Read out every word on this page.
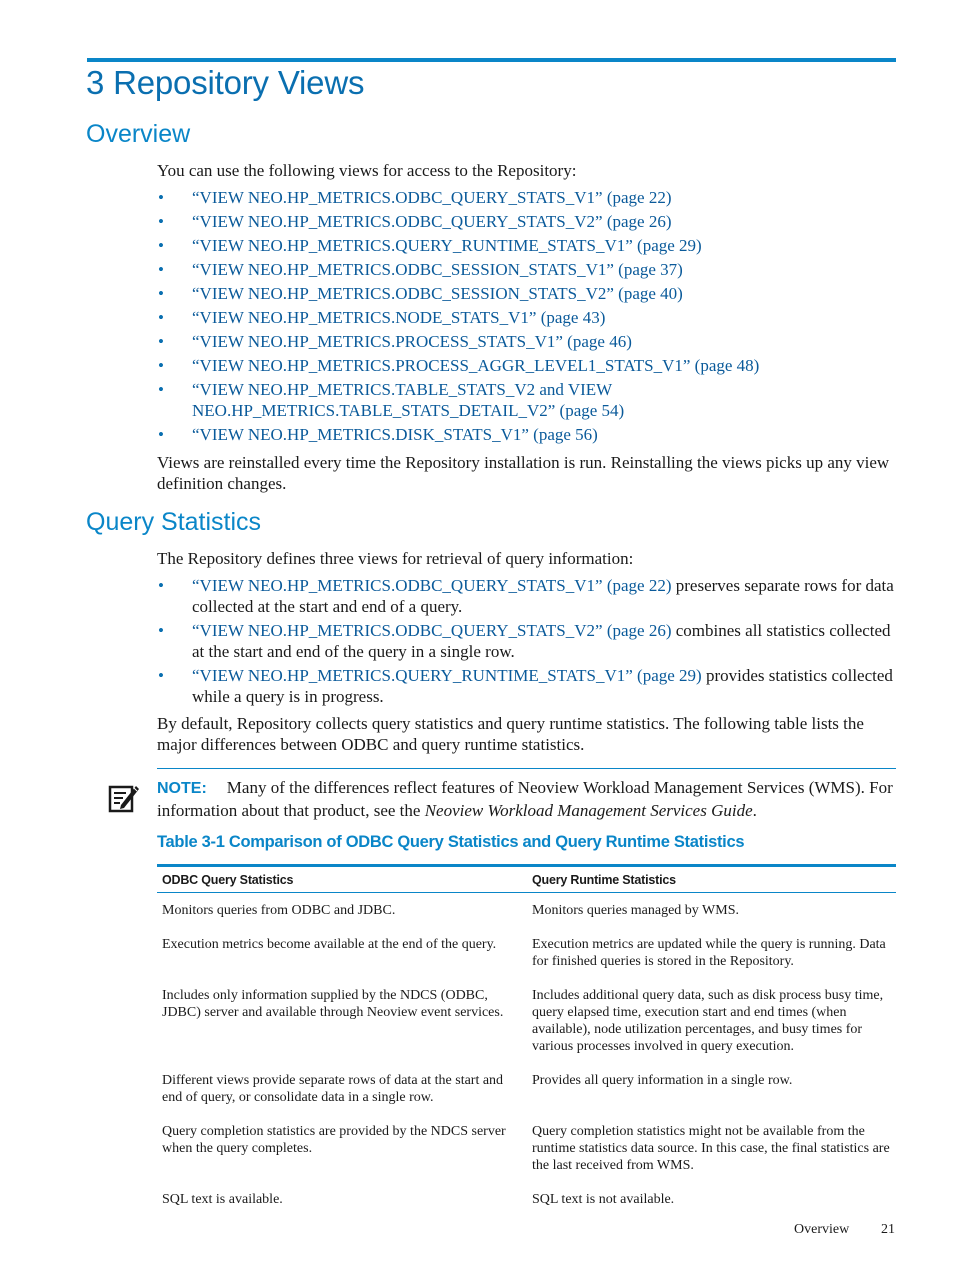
3 Repository Views
Overview

You can use the following views for access to the Repository:

• “VIEW NEO.HP_METRICS.ODBC_QUERY_STATS_V1” (page 22)
• “VIEW NEO.HP_METRICS.ODBC_QUERY_STATS_V2” (page 26)
• “VIEW NEO.HP_METRICS.QUERY_RUNTIME_STATS_V1” (page 29)
• “VIEW NEO.HP_METRICS.ODBC_SESSION_STATS_V1” (page 37)
• “VIEW NEO.HP_METRICS.ODBC_SESSION_STATS_V2” (page 40)
• “VIEW NEO.HP_METRICS.NODE_STATS_V1” (page 43)
• “VIEW NEO.HP_METRICS.PROCESS_STATS_V1” (page 46)
• “VIEW NEO.HP_METRICS.PROCESS_AGGR_LEVEL1_STATS_V1” (page 48)
• “VIEW NEO.HP_METRICS.TABLE_STATS_V2 and VIEW NEO.HP_METRICS.TABLE_STATS_DETAIL_V2” (page 54)
• “VIEW NEO.HP_METRICS.DISK_STATS_V1” (page 56)

Views are reinstalled every time the Repository installation is run. Reinstalling the views picks up any view definition changes.

Query Statistics

The Repository defines three views for retrieval of query information:

• “VIEW NEO.HP_METRICS.ODBC_QUERY_STATS_V1” (page 22) preserves separate rows for data collected at the start and end of a query.
• “VIEW NEO.HP_METRICS.ODBC_QUERY_STATS_V2” (page 26) combines all statistics collected at the start and end of the query in a single row.
• “VIEW NEO.HP_METRICS.QUERY_RUNTIME_STATS_V1” (page 29) provides statistics collected while a query is in progress.

By default, Repository collects query statistics and query runtime statistics. The following table lists the major differences between ODBC and query runtime statistics.

NOTE: Many of the differences reflect features of Neoview Workload Management Services (WMS). For information about that product, see the Neoview Workload Management Services Guide.

Table 3-1 Comparison of ODBC Query Statistics and Query Runtime Statistics
ODBC Query Statistics	Query Runtime Statistics
Monitors queries from ODBC and JDBC.	Monitors queries managed by WMS.
Execution metrics become available at the end of the query.	Execution metrics are updated while the query is running. Data for finished queries is stored in the Repository.
Includes only information supplied by the NDCS (ODBC, JDBC) server and available through Neoview event services.	Includes additional query data, such as disk process busy time, query elapsed time, execution start and end times (when available), node utilization percentages, and busy times for various processes involved in query execution.
Different views provide separate rows of data at the start and end of query, or consolidate data in a single row.	Provides all query information in a single row.
Query completion statistics are provided by the NDCS server when the query completes.	Query completion statistics might not be available from the runtime statistics data source. In this case, the final statistics are the last received from WMS.
SQL text is available.	SQL text is not available.
Overview 21
